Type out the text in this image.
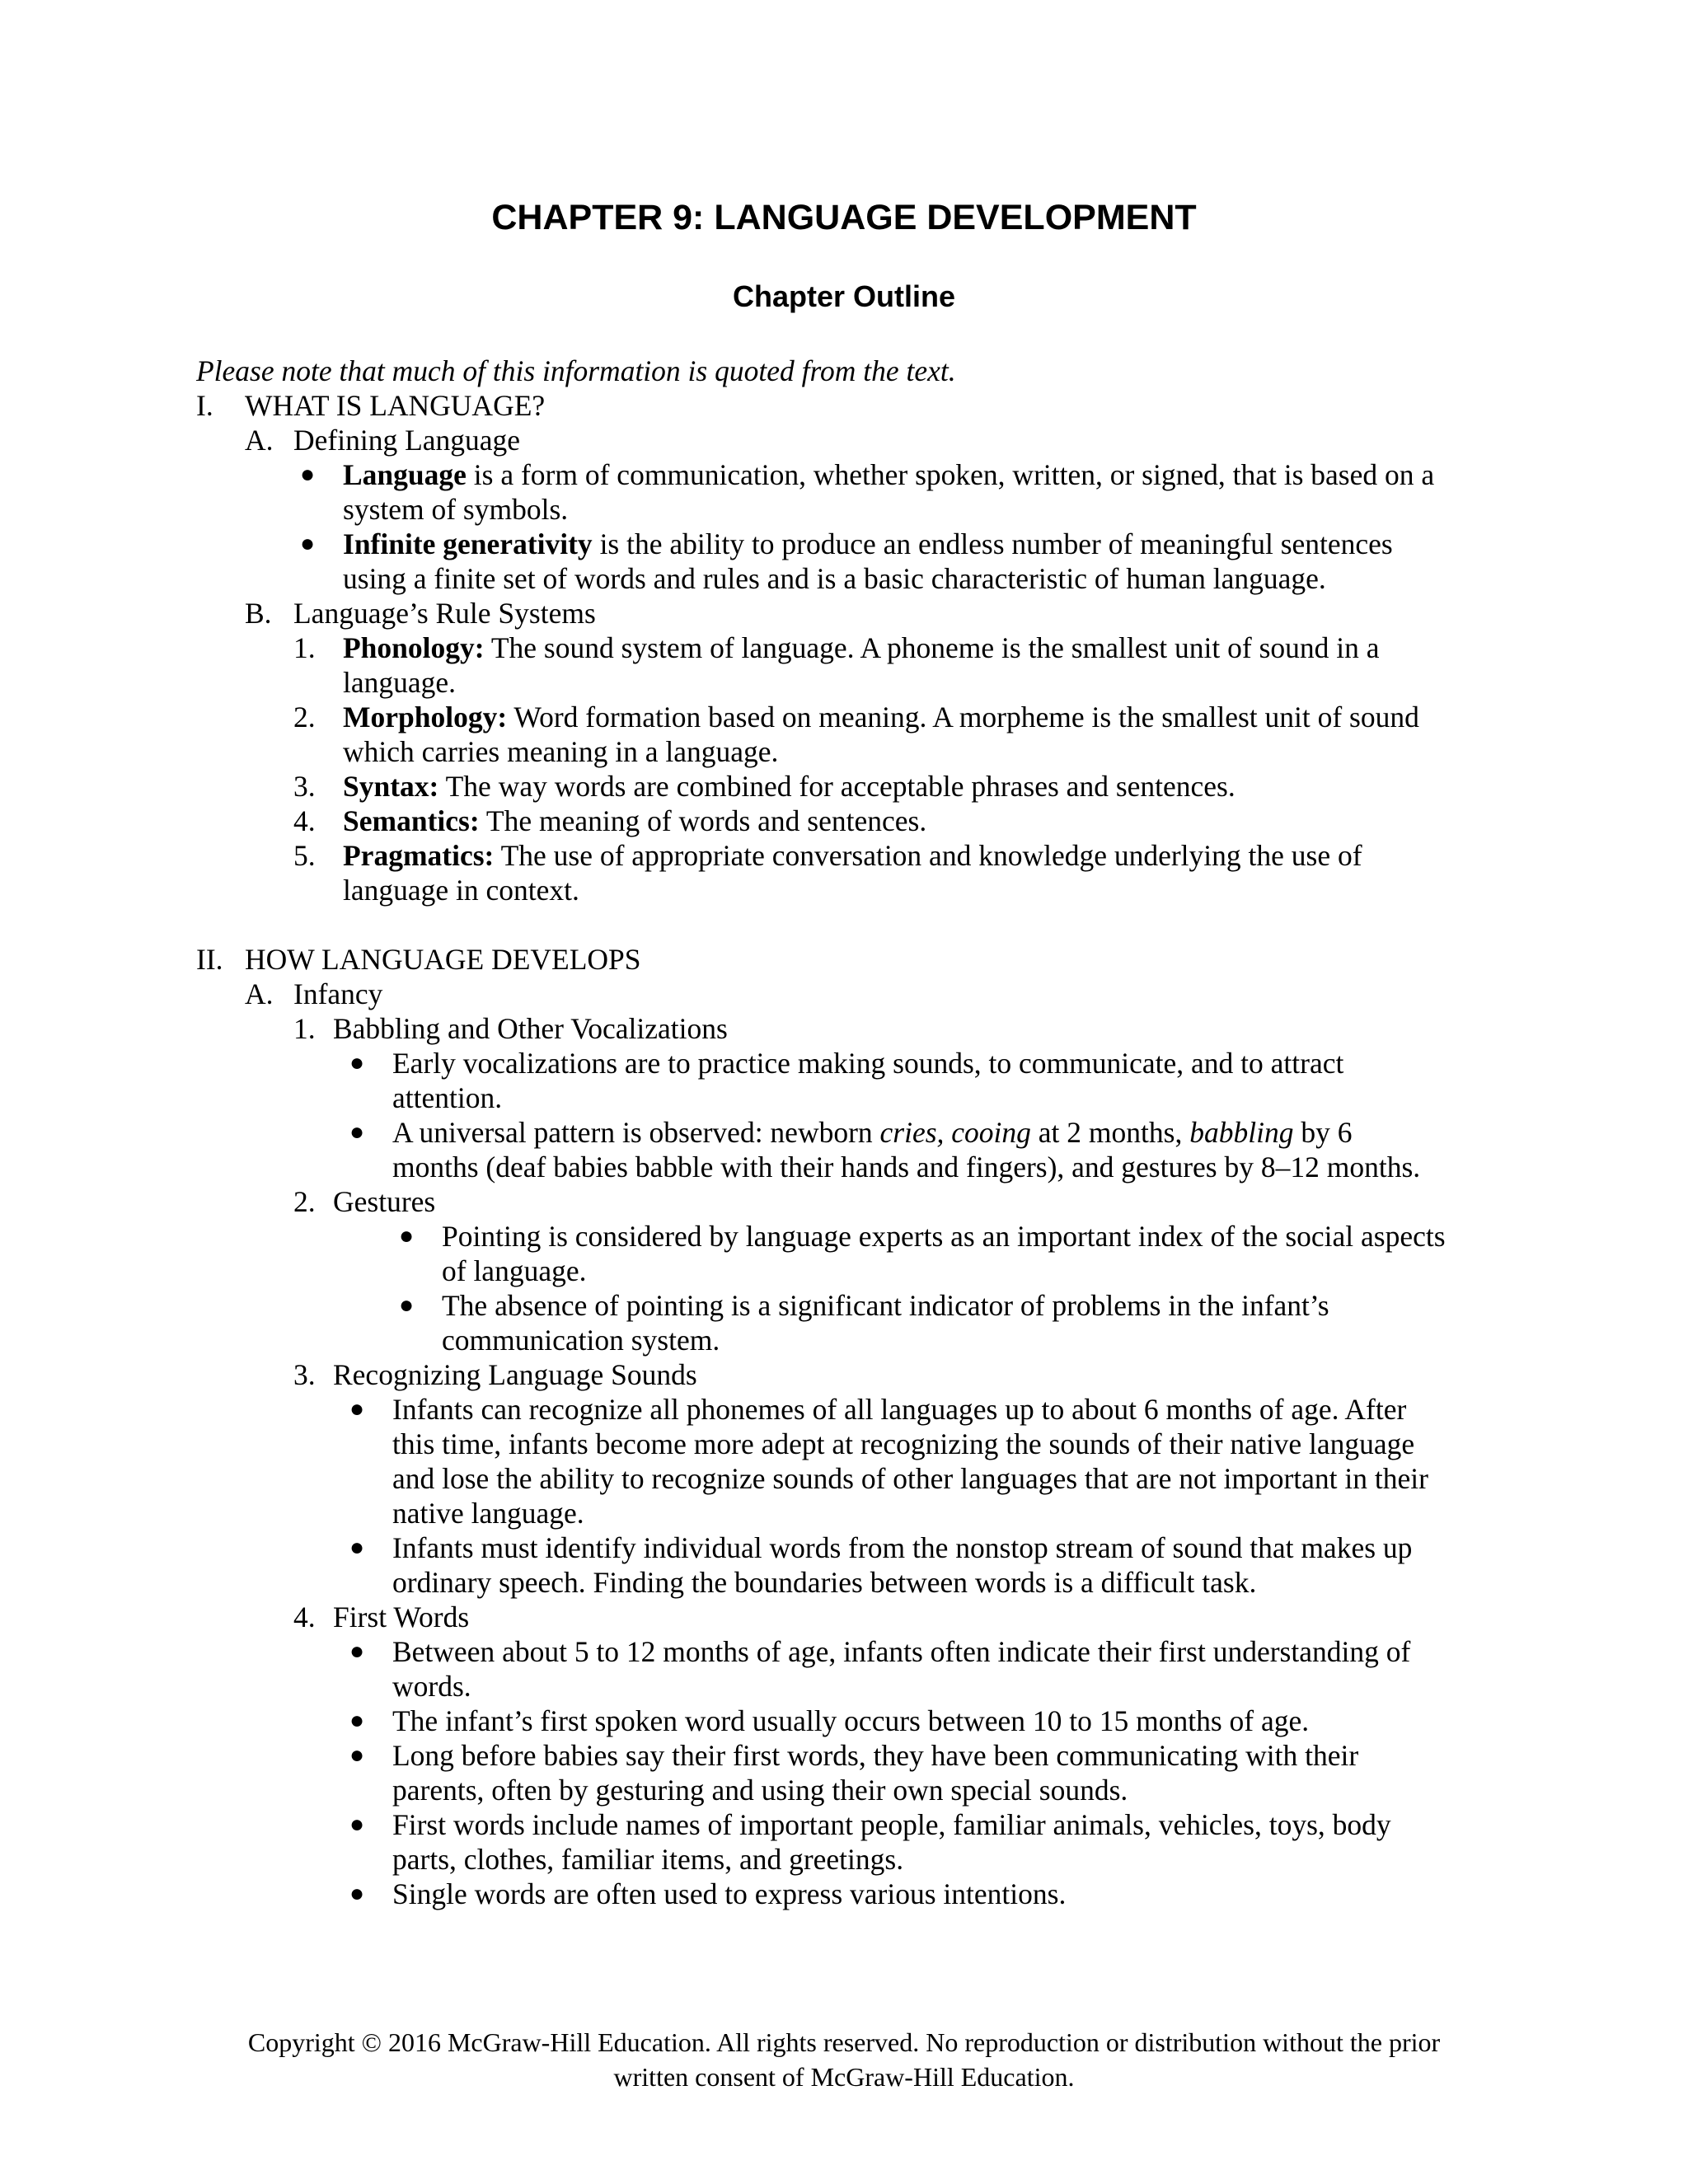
CHAPTER 9: LANGUAGE DEVELOPMENT
Chapter Outline
Please note that much of this information is quoted from the text.
I. WHAT IS LANGUAGE?
A. Defining Language
● Language is a form of communication, whether spoken, written, or signed, that is based on a
system of symbols.
● Infinite generativity is the ability to produce an endless number of meaningful sentences
using a finite set of words and rules and is a basic characteristic of human language.
B. Language’s Rule Systems
1. Phonology: The sound system of language. A phoneme is the smallest unit of sound in a
language.
2. Morphology: Word formation based on meaning. A morpheme is the smallest unit of sound
which carries meaning in a language.
3. Syntax: The way words are combined for acceptable phrases and sentences.
4. Semantics: The meaning of words and sentences.
5. Pragmatics: The use of appropriate conversation and knowledge underlying the use of
language in context.
II. HOW LANGUAGE DEVELOPS
A. Infancy
1. Babbling and Other Vocalizations
● Early vocalizations are to practice making sounds, to communicate, and to attract
attention.
● A universal pattern is observed: newborn cries, cooing at 2 months, babbling by 6
months (deaf babies babble with their hands and fingers), and gestures by 8–12 months.
2. Gestures
● Pointing is considered by language experts as an important index of the social aspects
of language.
● The absence of pointing is a significant indicator of problems in the infant’s
communication system.
3. Recognizing Language Sounds
● Infants can recognize all phonemes of all languages up to about 6 months of age. After
this time, infants become more adept at recognizing the sounds of their native language
and lose the ability to recognize sounds of other languages that are not important in their
native language.
● Infants must identify individual words from the nonstop stream of sound that makes up
ordinary speech. Finding the boundaries between words is a difficult task.
4. First Words
● Between about 5 to 12 months of age, infants often indicate their first understanding of
words.
● The infant’s first spoken word usually occurs between 10 to 15 months of age.
● Long before babies say their first words, they have been communicating with their
parents, often by gesturing and using their own special sounds.
● First words include names of important people, familiar animals, vehicles, toys, body
parts, clothes, familiar items, and greetings.
● Single words are often used to express various intentions.
Copyright © 2016 McGraw-Hill Education. All rights reserved. No reproduction or distribution without the prior
written consent of McGraw-Hill Education.
